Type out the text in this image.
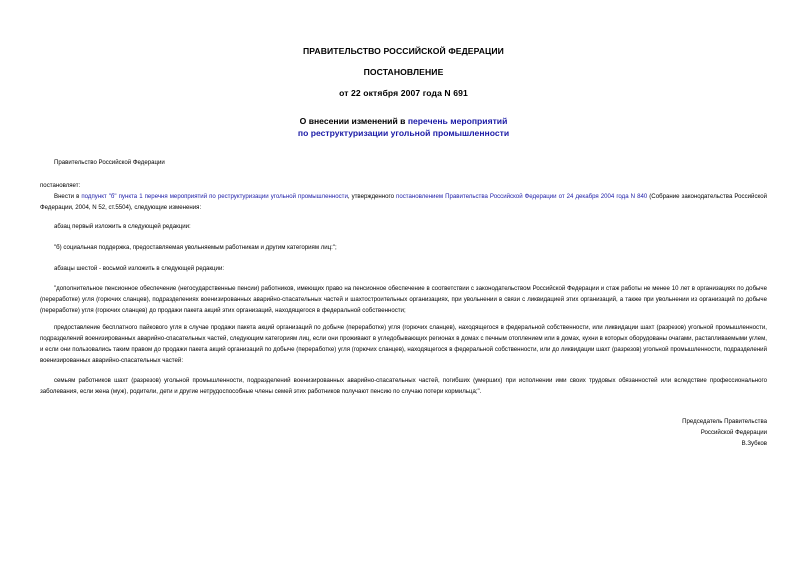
ПРАВИТЕЛЬСТВО РОССИЙСКОЙ ФЕДЕРАЦИИ
ПОСТАНОВЛЕНИЕ
от 22 октября 2007 года N 691
О внесении изменений в перечень мероприятий
по реструктуризации угольной промышленности
Правительство Российской Федерации
постановляет:
Внести в подпункт "б" пункта 1 перечня мероприятий по реструктуризации угольной промышленности, утвержденного постановлением Правительства Российской Федерации от 24 декабря 2004 года N 840 (Собрание законодательства Российской Федерации, 2004, N 52, ст.5504), следующие изменения:
абзац первый изложить в следующей редакции:
"б) социальная поддержка, предоставляемая увольняемым работникам и другим категориям лиц:";
абзацы шестой - восьмой изложить в следующей редакции:
"дополнительное пенсионное обеспечение (негосударственные пенсии) работников, имеющих право на пенсионное обеспечение в соответствии с законодательством Российской Федерации и стаж работы не менее 10 лет в организациях по добыче (переработке) угля (горючих сланцев), подразделениях военизированных аварийно-спасательных частей и шахтостроительных организациях, при увольнении в связи с ликвидацией этих организаций, а также при увольнении из организаций по добыче (переработке) угля (горючих сланцев) до продажи пакета акций этих организаций, находящегося в федеральной собственности;
предоставление бесплатного пайкового угля в случае продажи пакета акций организаций по добыче (переработке) угля (горючих сланцев), находящегося в федеральной собственности, или ликвидации шахт (разрезов) угольной промышленности, подразделений военизированных аварийно-спасательных частей, следующим категориям лиц, если они проживают в угледобывающих регионах в домах с печным отоплением или в домах, кухни в которых оборудованы очагами, растапливаемыми углем, и если они пользовались таким правом до продажи пакета акций организаций по добыче (переработке) угля (горючих сланцев), находящегося в федеральной собственности, или до ликвидации шахт (разрезов) угольной промышленности, подразделений военизированных аварийно-спасательных частей:
семьям работников шахт (разрезов) угольной промышленности, подразделений военизированных аварийно-спасательных частей, погибших (умерших) при исполнении ими своих трудовых обязанностей или вследствие профессионального заболевания, если жена (муж), родители, дети и другие нетрудоспособные члены семей этих работников получают пенсию по случаю потери кормильца;".
Председатель Правительства
Российской Федерации
В.Зубков
